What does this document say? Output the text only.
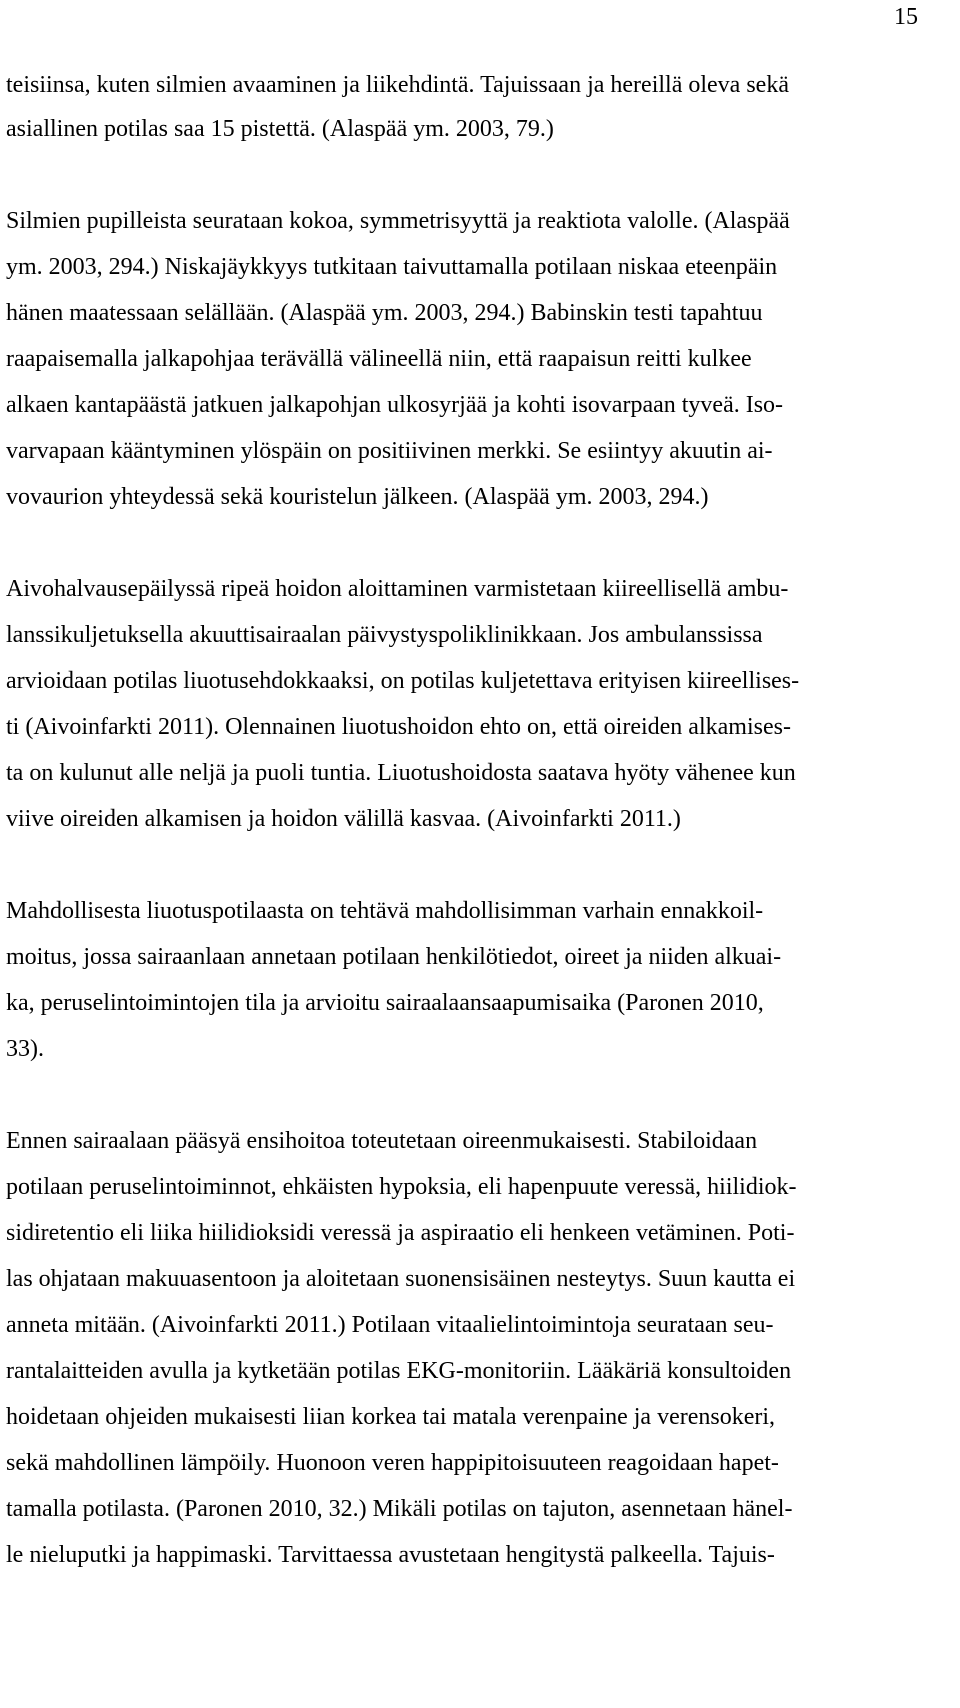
15
teisiinsa, kuten silmien avaaminen ja liikehdintä. Tajuissaan ja hereillä oleva sekä
asiallinen potilas saa 15 pistettä. (Alaspää ym. 2003, 79.)
Silmien pupilleista seurataan kokoa, symmetrisyyttä ja reaktiota valolle. (Alaspää
ym. 2003, 294.) Niskajäykkyys tutkitaan taivuttamalla potilaan niskaa eteenpäin
hänen maatessaan selällään. (Alaspää ym. 2003, 294.) Babinskin testi tapahtuu
raapaisemalla jalkapohjaa terävällä välineellä niin, että raapaisun reitti kulkee
alkaen kantapäästä jatkuen jalkapohjan ulkosyrjää ja kohti isovarpaan tyveä. Iso-
varvapaan kääntyminen ylöspäin on positiivinen merkki. Se esiintyy akuutin ai-
vovaurion yhteydessä sekä kouristelun jälkeen. (Alaspää ym. 2003, 294.)
Aivohalvausepäilyssä ripeä hoidon aloittaminen varmistetaan kiireellisellä ambu-
lanssikuljetuksella akuuttisairaalan päivystyspoliklinikkaan. Jos ambulanssissa
arvioidaan potilas liuotusehdokkaaksi, on potilas kuljetettava erityisen kiireellises-
ti (Aivoinfarkti 2011). Olennainen liuotushoidon ehto on, että oireiden alkamises-
ta on kulunut alle neljä ja puoli tuntia. Liuotushoidosta saatava hyöty vähenee kun
viive oireiden alkamisen ja hoidon välillä kasvaa. (Aivoinfarkti 2011.)
Mahdollisesta liuotuspotilaasta on tehtävä mahdollisimman varhain ennakkoil-
moitus, jossa sairaanlaan annetaan potilaan henkilötiedot, oireet ja niiden alkuai-
ka, peruselintoimintojen tila ja arvioitu sairaalaansaapumisaika (Paronen 2010,
33).
Ennen sairaalaan pääsyä ensihoitoa toteutetaan oireenmukaisesti. Stabiloidaan
potilaan peruselintoiminnot, ehkäisten hypoksia, eli hapenpuute veressä, hiilidiok-
sidiretentio eli liika hiilidioksidi veressä ja aspiraatio eli henkeen vetäminen. Poti-
las ohjataan makuuasentoon ja aloitetaan suonensisäinen nesteytys. Suun kautta ei
anneta mitään. (Aivoinfarkti 2011.) Potilaan vitaalielintoimintoja seurataan seu-
rantalaitteiden avulla ja kytketään potilas EKG-monitoriin. Lääkäriä konsultoiden
hoidetaan ohjeiden mukaisesti liian korkea tai matala verenpaine ja verensokeri,
sekä mahdollinen lämpöily. Huonoon veren happipitoisuuteen reagoidaan hapet-
tamalla potilasta. (Paronen 2010, 32.) Mikäli potilas on tajuton, asennetaan hänel-
le nieluputki ja happimaski. Tarvittaessa avustetaan hengitystä palkeella. Tajuis-
